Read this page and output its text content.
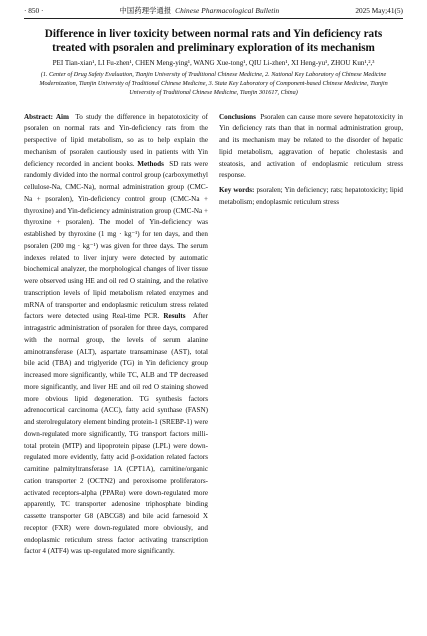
· 850 ·	中国药理学通报 Chinese Pharmacological Bulletin	2025 May;41(5)
Difference in liver toxicity between normal rats and Yin deficiency rats treated with psoralen and preliminary exploration of its mechanism
PEI Tian-xian¹, LI Fu-zhen¹, CHEN Meng-ying¹, WANG Xue-tong¹, QIU Li-zhen¹, XI Heng-yu¹, ZHOU Kun¹,²,³
(1. Center of Drug Safety Evaluation, Tianjin University of Traditional Chinese Medicine, 2. National Key Laboratory of Chinese Medicine Modernization, Tianjin University of Traditional Chinese Medicine, 3. State Key Laboratory of Component-based Chinese Medicine, Tianjin University of Traditional Chinese Medicine, Tianjin 301617, China)
Abstract: Aim To study the difference in hepatotoxicity of psoralen on normal rats and Yin-deficiency rats from the perspective of lipid metabolism, so as to help explain the mechanism of psoralen cautiously used in patients with Yin deficiency recorded in ancient books. Methods SD rats were randomly divided into the normal control group (carboxymethyl cellulose-Na, CMC-Na), normal administration group (CMC-Na + psoralen), Yin-deficiency control group (CMC-Na + thyroxine) and Yin-deficiency administration group (CMC-Na + thyroxine + psoralen). The model of Yin-deficiency was established by thyroxine (1 mg · kg⁻¹) for ten days, and then psoralen (200 mg · kg⁻¹) was given for three days. The serum indexes related to liver injury were detected by automatic biochemical analyzer, the morphological changes of liver tissue were observed using HE and oil red O staining, and the relative transcription levels of lipid metabolism related enzymes and mRNA of transporter and endoplasmic reticulum stress related factors were detected using Real-time PCR. Results After intragastric administration of psoralen for three days, compared with the normal group, the levels of serum alanine aminotransferase (ALT), aspartate transaminase (AST), total bile acid (TBA) and triglyeride (TG) in Yin deficiency group increased more significantly, while TC, ALB and TP decreased more significantly, and liver HE and oil red O staining showed more obvious lipid degeneration. TG synthesis factors adrenocortical carcinoma (ACC), fatty acid synthase (FASN) and sterolregulatory element binding protein-1 (SREBP-1) were down-regulated more significantly, TG transport factors milli-total protein (MTP) and lipoprotein pipase (LPL) were down-regulated more evidently, fatty acid β-oxidation related factors carnitine palmityltransferase 1A (CPT1A), carnitine/organic cation transporter 2 (OCTN2) and peroxisome proliferators-activated receptors-alpha (PPARα) were down-regulated more apparently, TC transporter adenosine triphosphate binding cassette transporter G8 (ABCG8) and bile acid farnesoid X receptor (FXR) were down-regulated more obviously, and endoplasmic reticulum stress factor activating transcription factor 4 (ATF4) was up-regulated more significantly.
Conclusions Psoralen can cause more severe hepatotoxicity in Yin deficiency rats than that in normal administration group, and its mechanism may be related to the disorder of hepatic lipid metabolism, aggravation of hepatic cholestasis and steatosis, and activation of endoplasmic reticulum stress response.
Key words: psoralen; Yin deficiency; rats; hepatotoxicity; lipid metabolism; endoplasmic reticulum stress
